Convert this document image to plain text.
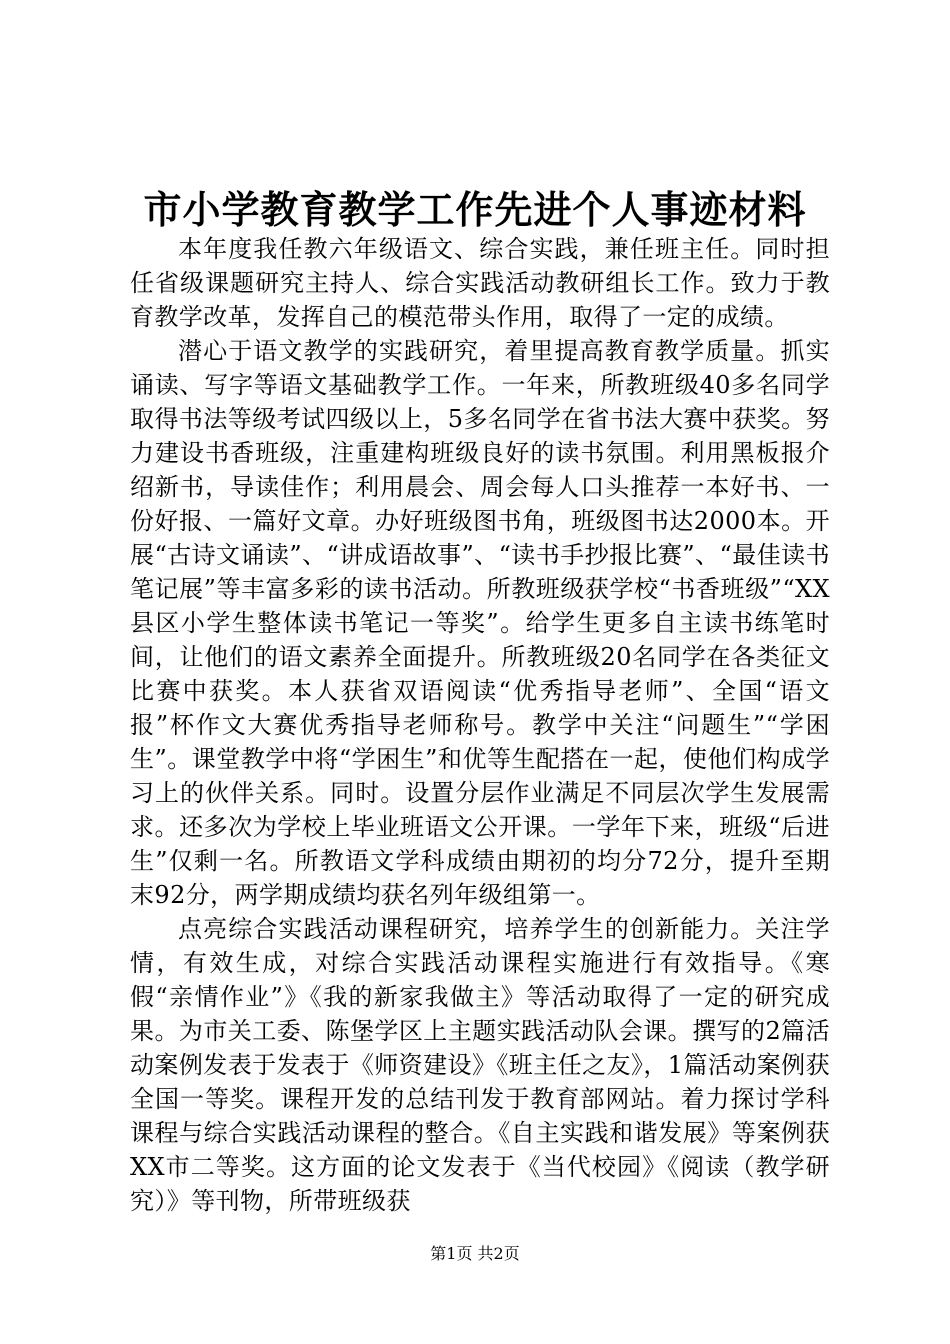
市小学教育教学工作先进个人事迹材料

本年度我任教六年级语文、综合实践，兼任班主任。同时担任省级课题研究主持人、综合实践活动教研组长工作。致力于教育教学改革，发挥自己的模范带头作用，取得了一定的成绩。

潜心于语文教学的实践研究，着里提高教育教学质量。抓实诵读、写字等语文基础教学工作。一年来，所教班级40多名同学取得书法等级考试四级以上，5多名同学在省书法大赛中获奖。努力建设书香班级，注重建构班级良好的读书氛围。利用黑板报介绍新书，导读佳作；利用晨会、周会每人口头推荐一本好书、一份好报、一篇好文章。办好班级图书角，班级图书达2000本。开展“古诗文诵读”、“讲成语故事”、“读书手抄报比赛”、“最佳读书笔记展”等丰富多彩的读书活动。所教班级获学校“书香班级”“XX县区小学生整体读书笔记一等奖”。给学生更多自主读书练笔时间，让他们的语文素养全面提升。所教班级20名同学在各类征文比赛中获奖。本人获省双语阅读“优秀指导老师”、全国“语文报”杯作文大赛优秀指导老师称号。教学中关注“问题生”“学困生”。课堂教学中将“学困生”和优等生配搭在一起，使他们构成学习上的伙伴关系。同时。设置分层作业满足不同层次学生发展需求。还多次为学校上毕业班语文公开课。一学年下来，班级“后进生”仅剩一名。所教语文学科成绩由期初的均分72分，提升至期末92分，两学期成绩均获名列年级组第一。

点亮综合实践活动课程研究，培养学生的创新能力。关注学情，有效生成，对综合实践活动课程实施进行有效指导。《寒假“亲情作业”》《我的新家我做主》等活动取得了一定的研究成果。为市关工委、陈堡学区上主题实践活动队会课。撰写的2篇活动案例发表于发表于《师资建设》《班主任之友》，1篇活动案例获全国一等奖。课程开发的总结刊发于教育部网站。着力探讨学科课程与综合实践活动课程的整合。《自主实践和谐发展》等案例获XX市二等奖。这方面的论文发表于《当代校园》《阅读（教学研究）》等刊物，所带班级获

第1页 共2页
